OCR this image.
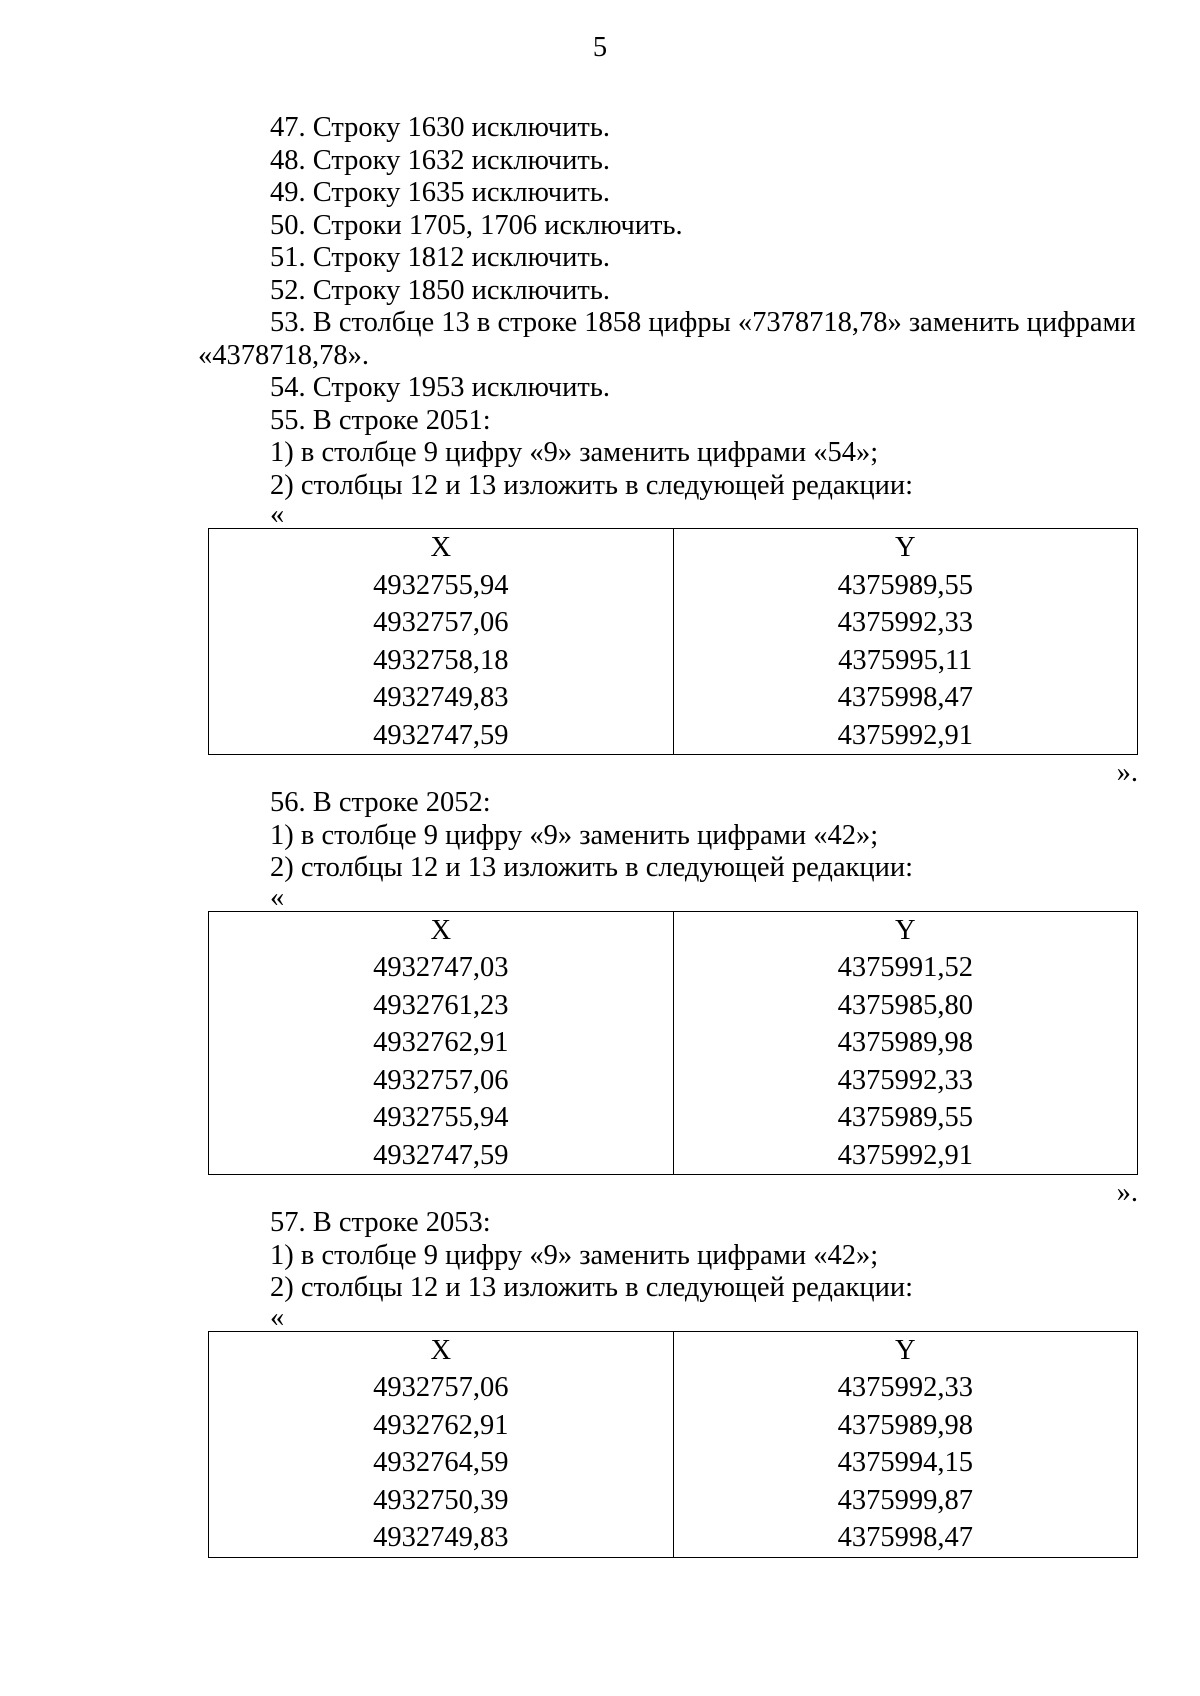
5
47. Строку 1630 исключить.
48. Строку 1632 исключить.
49. Строку 1635 исключить.
50. Строки 1705, 1706 исключить.
51. Строку 1812 исключить.
52. Строку 1850 исключить.
53. В столбце 13 в строке 1858 цифры «7378718,78» заменить цифрами
«4378718,78».
54. Строку 1953 исключить.
55. В строке 2051:
1) в столбце 9 цифру «9» заменить цифрами «54»;
2) столбцы 12 и 13 изложить в следующей редакции:
«
X	Y
4932755,94	4375989,55
4932757,06	4375992,33
4932758,18	4375995,11
4932749,83	4375998,47
4932747,59	4375992,91
».
56. В строке 2052:
1) в столбце 9 цифру «9» заменить цифрами «42»;
2) столбцы 12 и 13 изложить в следующей редакции:
«
X	Y
4932747,03	4375991,52
4932761,23	4375985,80
4932762,91	4375989,98
4932757,06	4375992,33
4932755,94	4375989,55
4932747,59	4375992,91
».
57. В строке 2053:
1) в столбце 9 цифру «9» заменить цифрами «42»;
2) столбцы 12 и 13 изложить в следующей редакции:
«
X	Y
4932757,06	4375992,33
4932762,91	4375989,98
4932764,59	4375994,15
4932750,39	4375999,87
4932749,83	4375998,47
